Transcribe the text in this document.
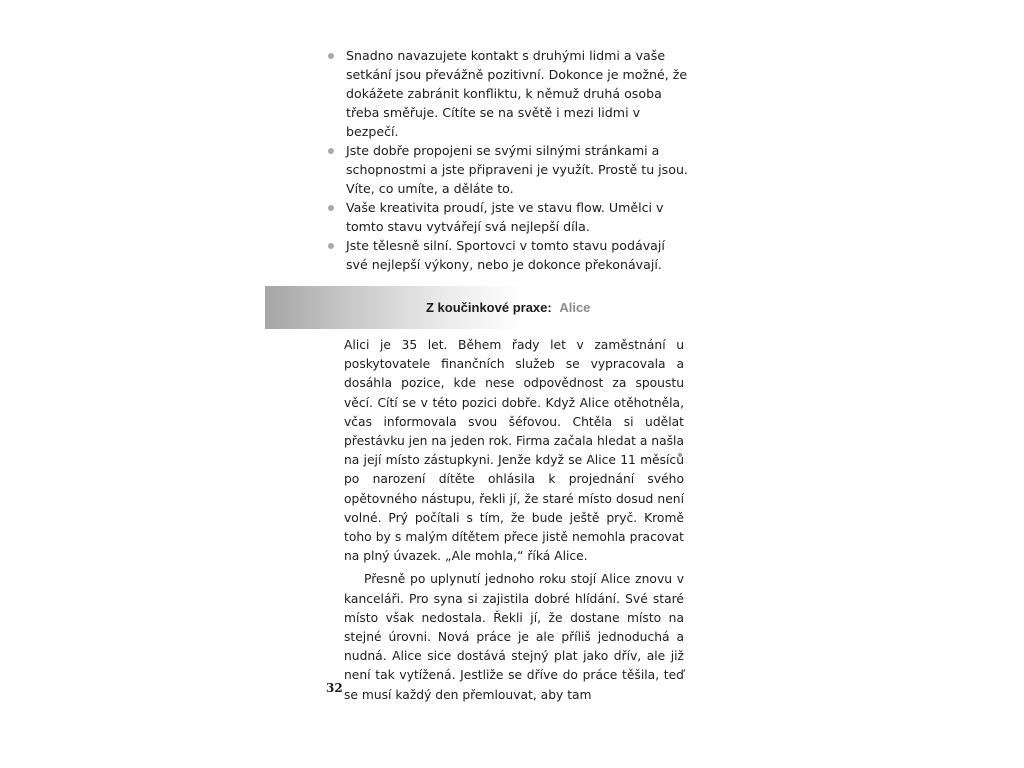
Snadno navazujete kontakt s druhými lidmi a vaše setkání jsou převážně pozitivní. Dokonce je možné, že dokážete zabránit konfliktu, k němuž druhá osoba třeba směřuje. Cítíte se na světě i mezi lidmi v bezpečí.
Jste dobře propojeni se svými silnými stránkami a schopnostmi a jste připraveni je využít. Prostě tu jsou. Víte, co umíte, a děláte to.
Vaše kreativita proudí, jste ve stavu flow. Umělci v tomto stavu vytvářejí svá nejlepší díla.
Jste tělesně silní. Sportovci v tomto stavu podávají své nejlepší výkony, nebo je dokonce překonávají.
Z koučinkové praxe: Alice

Alici je 35 let. Během řady let v zaměstnání u poskytovatele finančních služeb se vypracovala a dosáhla pozice, kde nese odpovědnost za spoustu věcí. Cítí se v této pozici dobře. Když Alice otěhotněla, včas informovala svou šéfovou. Chtěla si udělat přestávku jen na jeden rok. Firma začala hledat a našla na její místo zástupkyni. Jenže když se Alice 11 měsíců po narození dítěte ohlásila k projednání svého opětovného nástupu, řekli jí, že staré místo dosud není volné. Prý počítali s tím, že bude ještě pryč. Kromě toho by s malým dítětem přece jistě nemohla pracovat na plný úvazek. „Ale mohla,“ říká Alice.

Přesně po uplynutí jednoho roku stojí Alice znovu v kanceláři. Pro syna si zajistila dobré hlídání. Své staré místo však nedostala. Řekli jí, že dostane místo na stejné úrovni. Nová práce je ale příliš jednoduchá a nudná. Alice sice dostává stejný plat jako dřív, ale již není tak vytížená. Jestliže se dříve do práce těšila, teď se musí každý den přemlouvat, aby tam

32
